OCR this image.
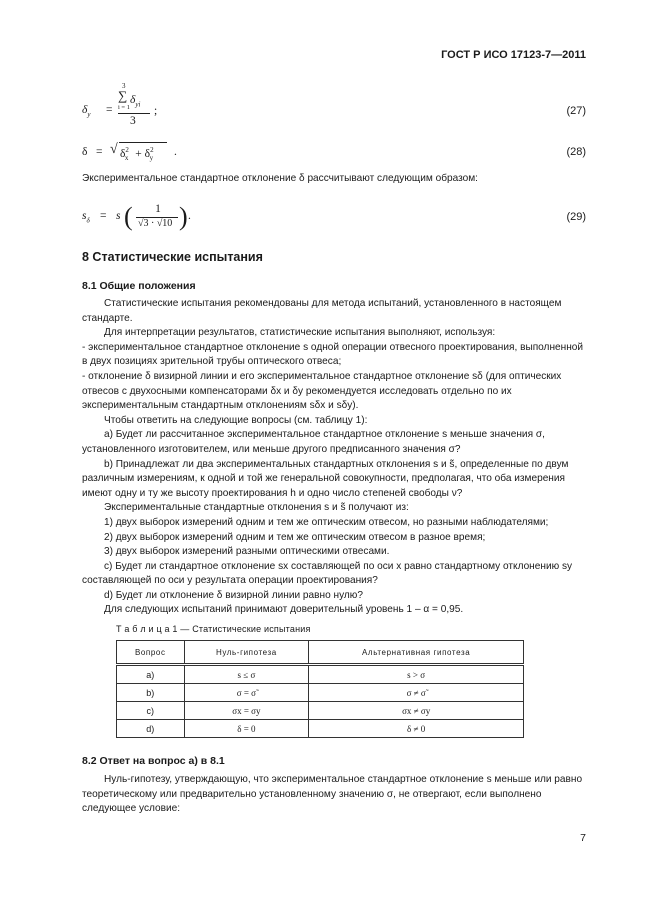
ГОСТ Р ИСО 17123-7—2011
$\delta_y$ =
3
∑ $\delta_{yi}$
i = 1
3
;	(27)
δ = √ $\delta^2_x + \delta^2_y$	.	(28)
Экспериментальное стандартное отклонение δ рассчитывают следующим образом:
$s_\delta = s$ (	1
√3 · √10 ) .	(29)
8 Статистические испытания
8.1 Общие положения

Статистические испытания рекомендованы для метода испытаний, установленного в настоящем стандарте.

Для интерпретации результатов, статистические испытания выполняют, используя:

- экспериментальное стандартное отклонение s одной операции отвесного проектирования, выполненной в двух позициях зрительной трубы оптического отвеса;

- отклонение δ визирной линии и его экспериментальное стандартное отклонение sδ (для оптических отвесов с двухосными компенсаторами δx и δy рекомендуется исследовать отдельно по их экспериментальным стандартным отклонениям sδx и sδy).

Чтобы ответить на следующие вопросы (см. таблицу 1):

а) Будет ли рассчитанное экспериментальное стандартное отклонение s меньше значения σ, установленного изготовителем, или меньше другого предписанного значения σ?

b) Принадлежат ли два экспериментальных стандартных отклонения s и s̃, определенные по двум различным измерениям, к одной и той же генеральной совокупности, предполагая, что оба измерения имеют одну и ту же высоту проектирования h и одно число степеней свободы ν?

Экспериментальные стандартные отклонения s и s̃ получают из:

1) двух выборок измерений одним и тем же оптическим отвесом, но разными наблюдателями;

2) двух выборок измерений одним и тем же оптическим отвесом в разное время;

3) двух выборок измерений разными оптическими отвесами.

c) Будет ли стандартное отклонение sx составляющей по оси x равно стандартному отклонению sy составляющей по оси y результата операции проектирования?

d) Будет ли отклонение δ визирной линии равно нулю?

Для следующих испытаний принимают доверительный уровень 1 – α = 0,95.

Т а б л и ц а 1 — Статистические испытания
Вопрос	Нуль-гипотеза	Альтернативная гипотеза
a)	s ≤ σ	s > σ
b)	σ = σ̃	σ ≠ σ̃
c)	σx = σy	σx ≠ σy
d)	δ = 0	δ ≠ 0
8.2 Ответ на вопрос а) в 8.1

Нуль-гипотезу, утверждающую, что экспериментальное стандартное отклонение s меньше или равно теоретическому или предварительно установленному значению σ, не отвергают, если выполнено следующее условие:

7
